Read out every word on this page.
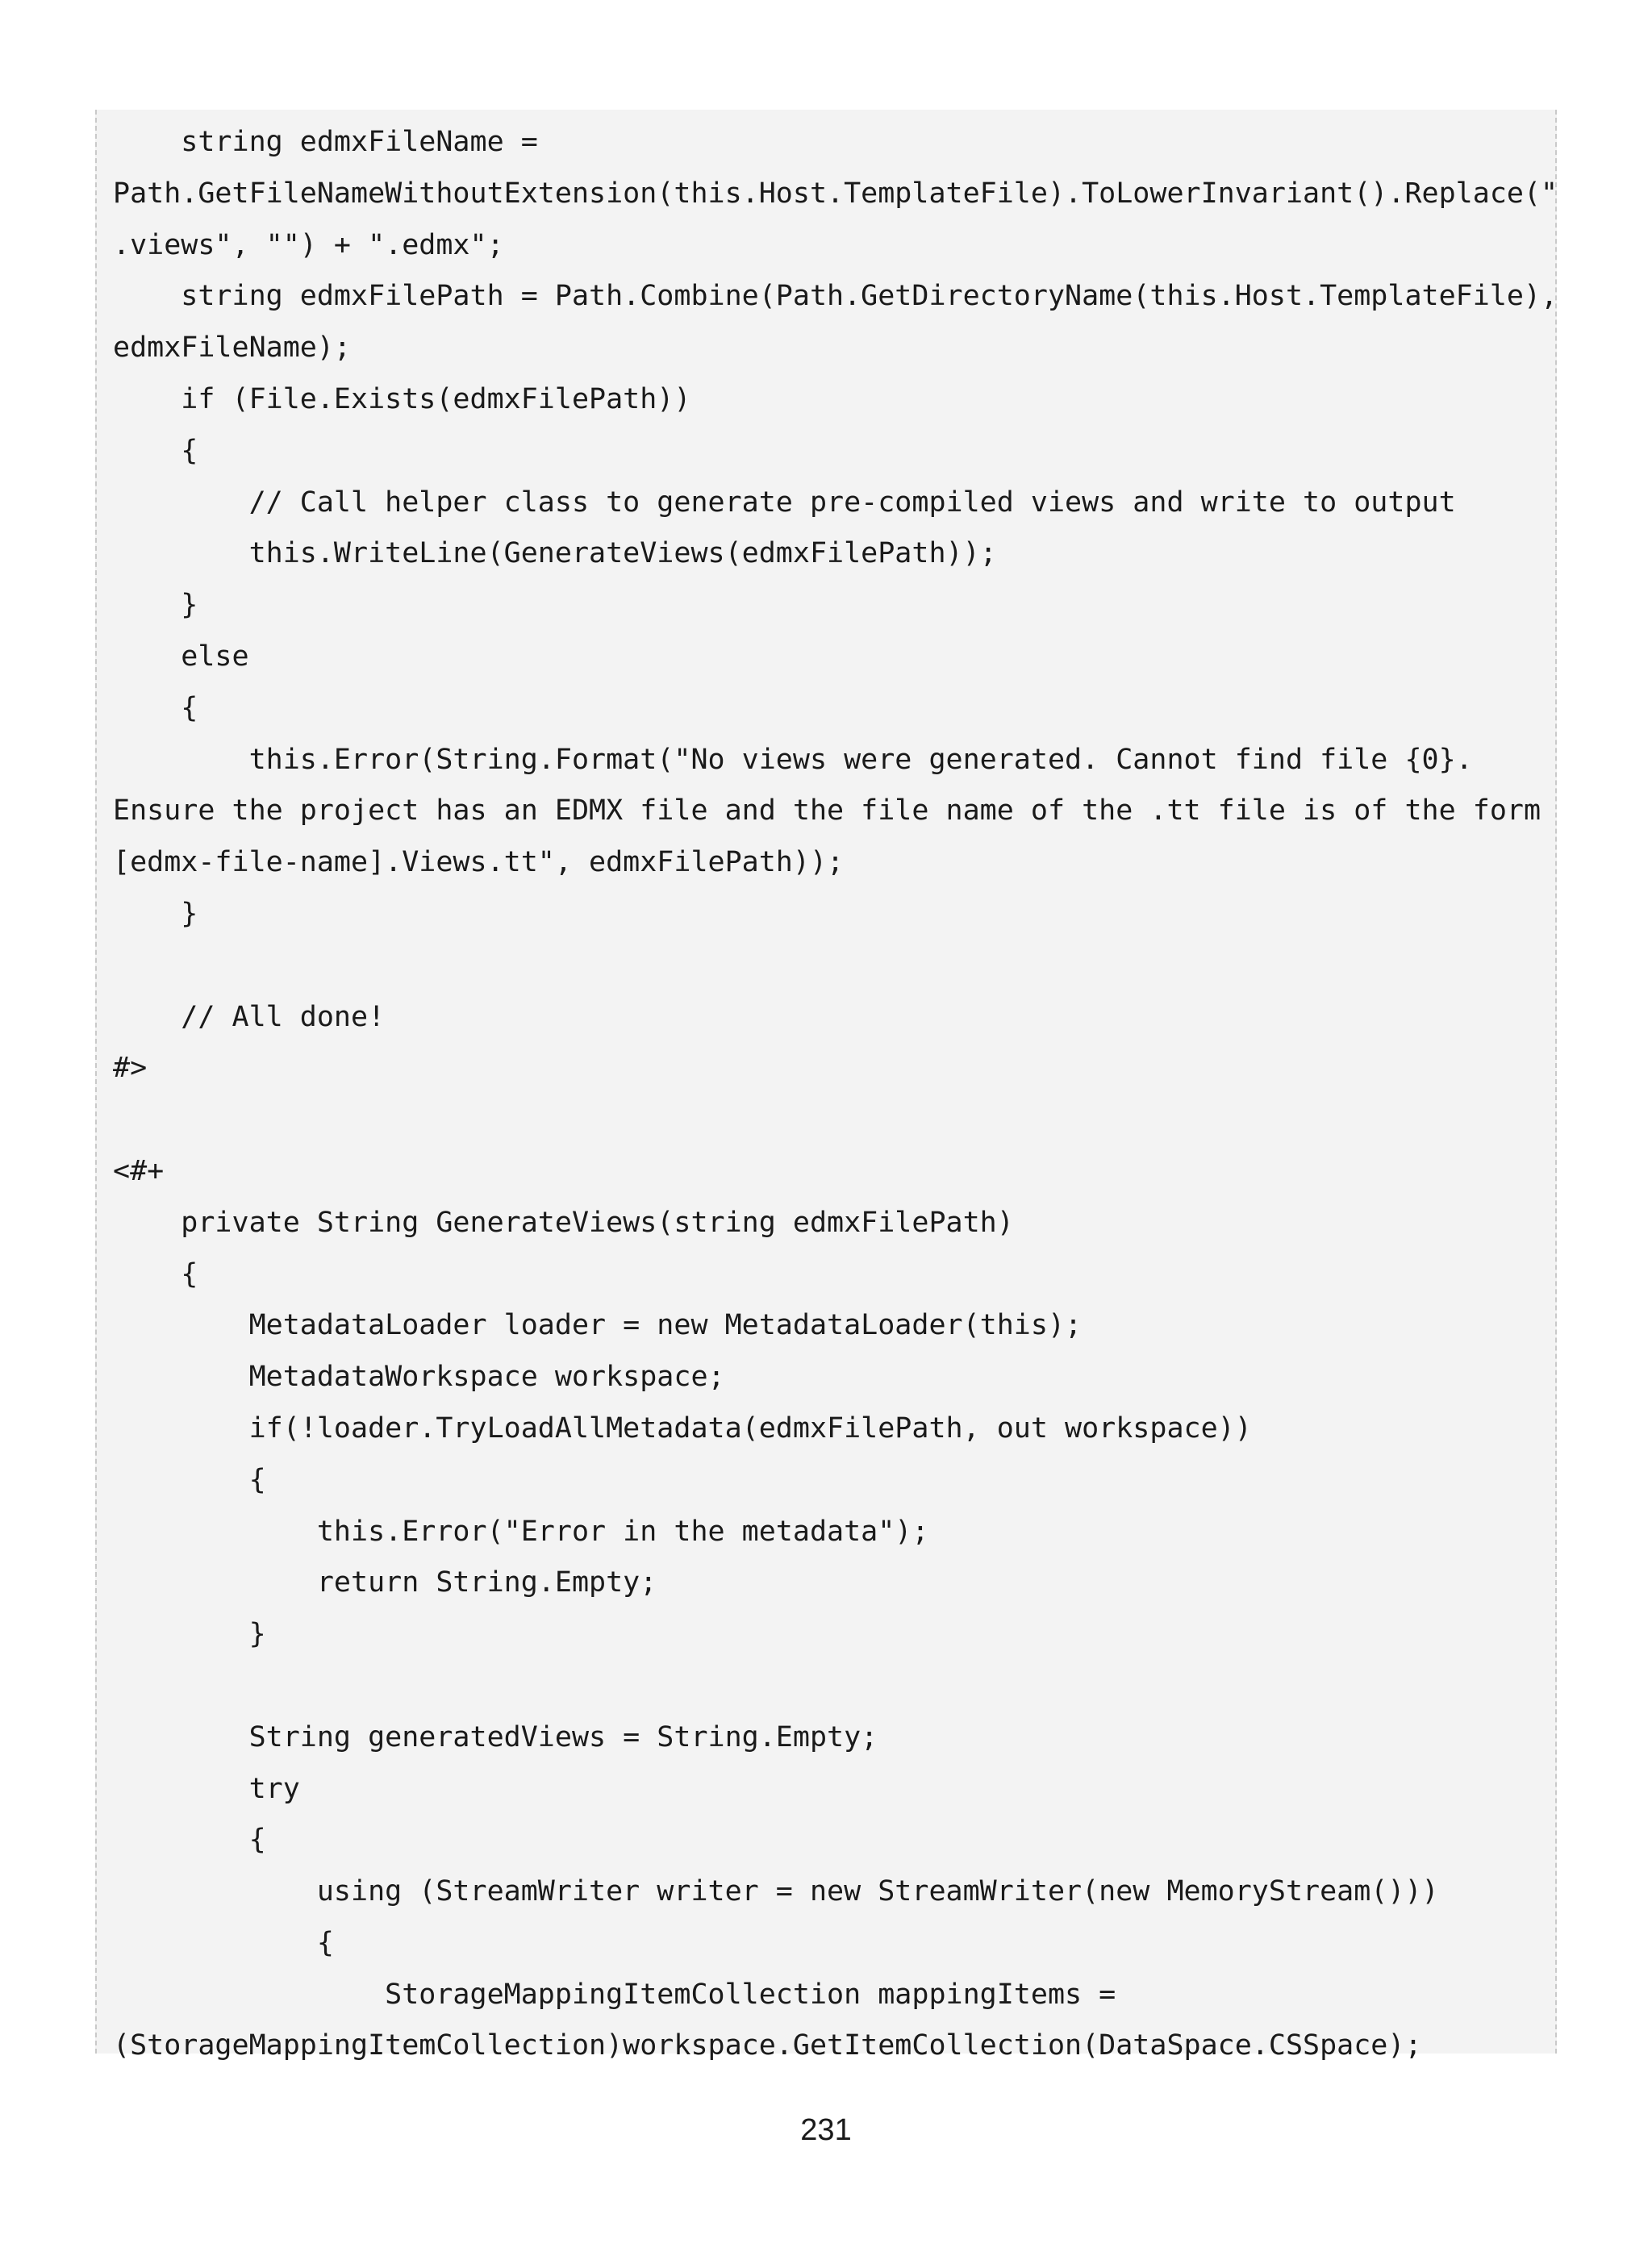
string edmxFileName =
Path.GetFileNameWithoutExtension(this.Host.TemplateFile).ToLowerInvariant().Replace("
.views", "") + ".edmx";
string edmxFilePath = Path.Combine(Path.GetDirectoryName(this.Host.TemplateFile),
edmxFileName);
if (File.Exists(edmxFilePath))
{
// Call helper class to generate pre-compiled views and write to output
this.WriteLine(GenerateViews(edmxFilePath));
}
else
{
this.Error(String.Format("No views were generated. Cannot find file {0}.
Ensure the project has an EDMX file and the file name of the .tt file is of the form
[edmx-file-name].Views.tt", edmxFilePath));
}
// All done!
#>
<#+
private String GenerateViews(string edmxFilePath)
{
MetadataLoader loader = new MetadataLoader(this);
MetadataWorkspace workspace;
if(!loader.TryLoadAllMetadata(edmxFilePath, out workspace))
{
this.Error("Error in the metadata");
return String.Empty;
}
String generatedViews = String.Empty;
try
{
using (StreamWriter writer = new StreamWriter(new MemoryStream()))
{
StorageMappingItemCollection mappingItems =
(StorageMappingItemCollection)workspace.GetItemCollection(DataSpace.CSSpace);
231
